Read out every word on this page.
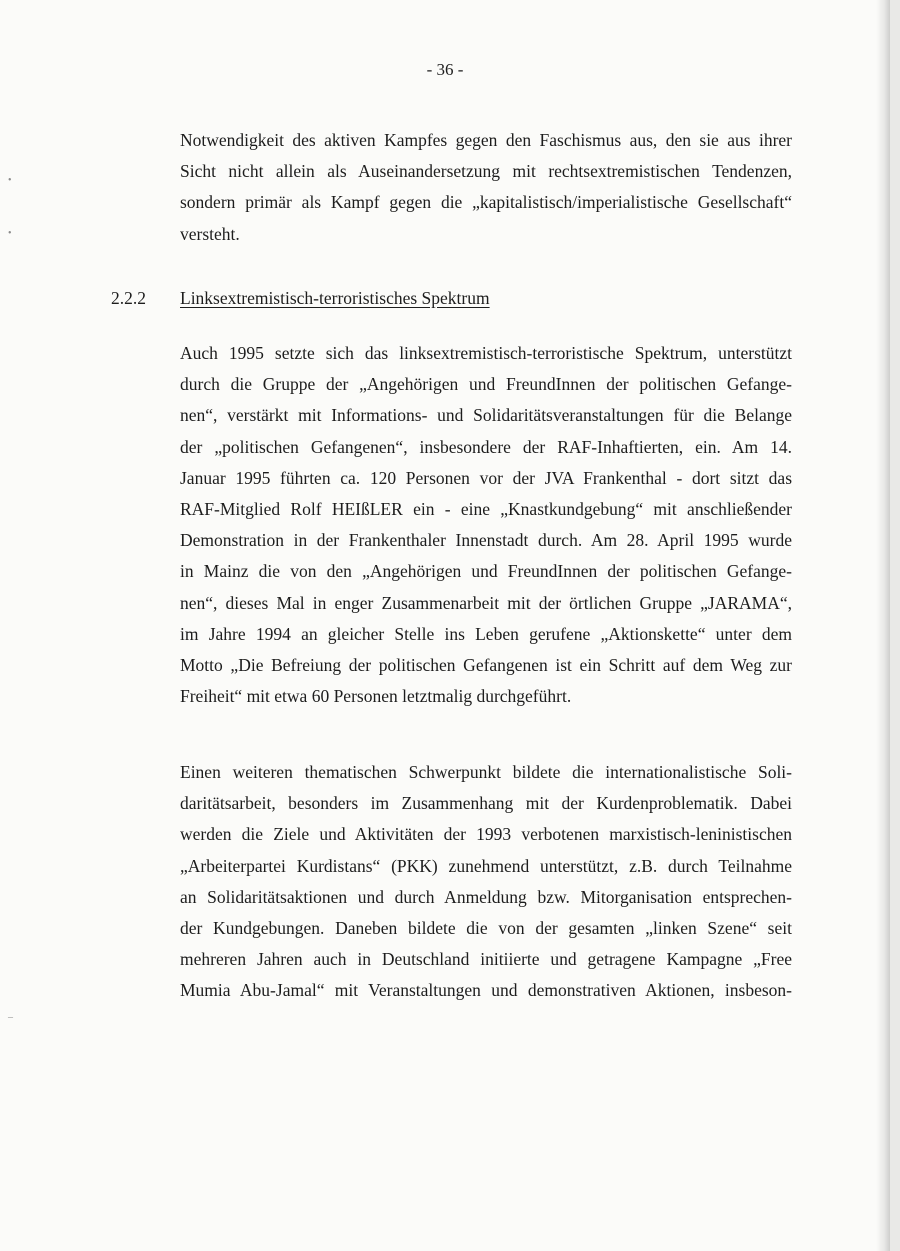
•
•
–
- 36 -

Notwendigkeit des aktiven Kampfes gegen den Faschismus aus, den sie aus ihrer
Sicht nicht allein als Auseinandersetzung mit rechtsextremistischen Tendenzen,
sondern primär als Kampf gegen die „kapitalistisch/imperialistische Gesellschaft“
versteht.

2.2.2 Linksextremistisch-terroristisches Spektrum

Auch 1995 setzte sich das linksextremistisch-terroristische Spektrum, unterstützt
durch die Gruppe der „Angehörigen und FreundInnen der politischen Gefange-
nen“, verstärkt mit Informations- und Solidaritätsveranstaltungen für die Belange
der „politischen Gefangenen“, insbesondere der RAF-Inhaftierten, ein. Am 14.
Januar 1995 führten ca. 120 Personen vor der JVA Frankenthal - dort sitzt das
RAF-Mitglied Rolf HEIßLER ein - eine „Knastkundgebung“ mit anschließender
Demonstration in der Frankenthaler Innenstadt durch. Am 28. April 1995 wurde
in Mainz die von den „Angehörigen und FreundInnen der politischen Gefange-
nen“, dieses Mal in enger Zusammenarbeit mit der örtlichen Gruppe „JARAMA“,
im Jahre 1994 an gleicher Stelle ins Leben gerufene „Aktionskette“ unter dem
Motto „Die Befreiung der politischen Gefangenen ist ein Schritt auf dem Weg zur
Freiheit“ mit etwa 60 Personen letztmalig durchgeführt.

Einen weiteren thematischen Schwerpunkt bildete die internationalistische Soli-
daritätsarbeit, besonders im Zusammenhang mit der Kurdenproblematik. Dabei
werden die Ziele und Aktivitäten der 1993 verbotenen marxistisch-leninistischen
„Arbeiterpartei Kurdistans“ (PKK) zunehmend unterstützt, z.B. durch Teilnahme
an Solidaritätsaktionen und durch Anmeldung bzw. Mitorganisation entsprechen-
der Kundgebungen. Daneben bildete die von der gesamten „linken Szene“ seit
mehreren Jahren auch in Deutschland initiierte und getragene Kampagne „Free
Mumia Abu-Jamal“ mit Veranstaltungen und demonstrativen Aktionen, insbeson-
